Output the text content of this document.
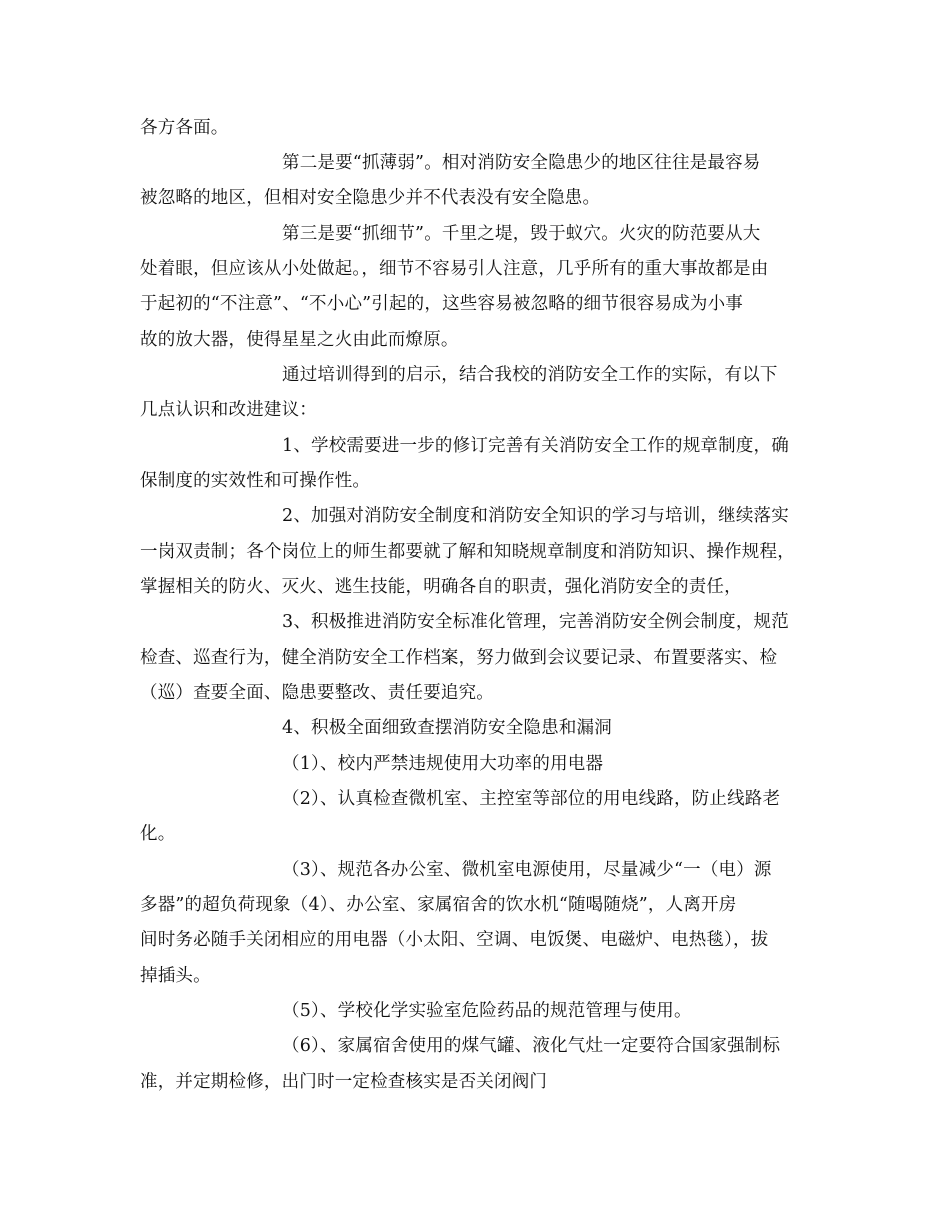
各方各面。
第二是要“抓薄弱”。相对消防安全隐患少的地区往往是最容易
被忽略的地区，但相对安全隐患少并不代表没有安全隐患。
第三是要“抓细节”。千里之堤，毁于蚁穴。火灾的防范要从大
处着眼，但应该从小处做起。，细节不容易引人注意，几乎所有的重大事故都是由
于起初的“不注意”、“不小心”引起的，这些容易被忽略的细节很容易成为小事
故的放大器，使得星星之火由此而燎原。
通过培训得到的启示，结合我校的消防安全工作的实际，有以下
几点认识和改进建议：
1、学校需要进一步的修订完善有关消防安全工作的规章制度，确
保制度的实效性和可操作性。
2、加强对消防安全制度和消防安全知识的学习与培训，继续落实
一岗双责制；各个岗位上的师生都要就了解和知晓规章制度和消防知识、操作规程，
掌握相关的防火、灭火、逃生技能，明确各自的职责，强化消防安全的责任，
3、积极推进消防安全标准化管理，完善消防安全例会制度，规范
检查、巡查行为，健全消防安全工作档案，努力做到会议要记录、布置要落实、检
（巡）查要全面、隐患要整改、责任要追究。
4、积极全面细致查摆消防安全隐患和漏洞
（1）、校内严禁违规使用大功率的用电器
（2）、认真检查微机室、主控室等部位的用电线路，防止线路老
化。
（3）、规范各办公室、微机室电源使用，尽量减少“一（电）源
多器”的超负荷现象（4）、办公室、家属宿舍的饮水机“随喝随烧”，人离开房
间时务必随手关闭相应的用电器（小太阳、空调、电饭煲、电磁炉、电热毯），拔
掉插头。
（5）、学校化学实验室危险药品的规范管理与使用。
（6）、家属宿舍使用的煤气罐、液化气灶一定要符合国家强制标
准，并定期检修，出门时一定检查核实是否关闭阀门
